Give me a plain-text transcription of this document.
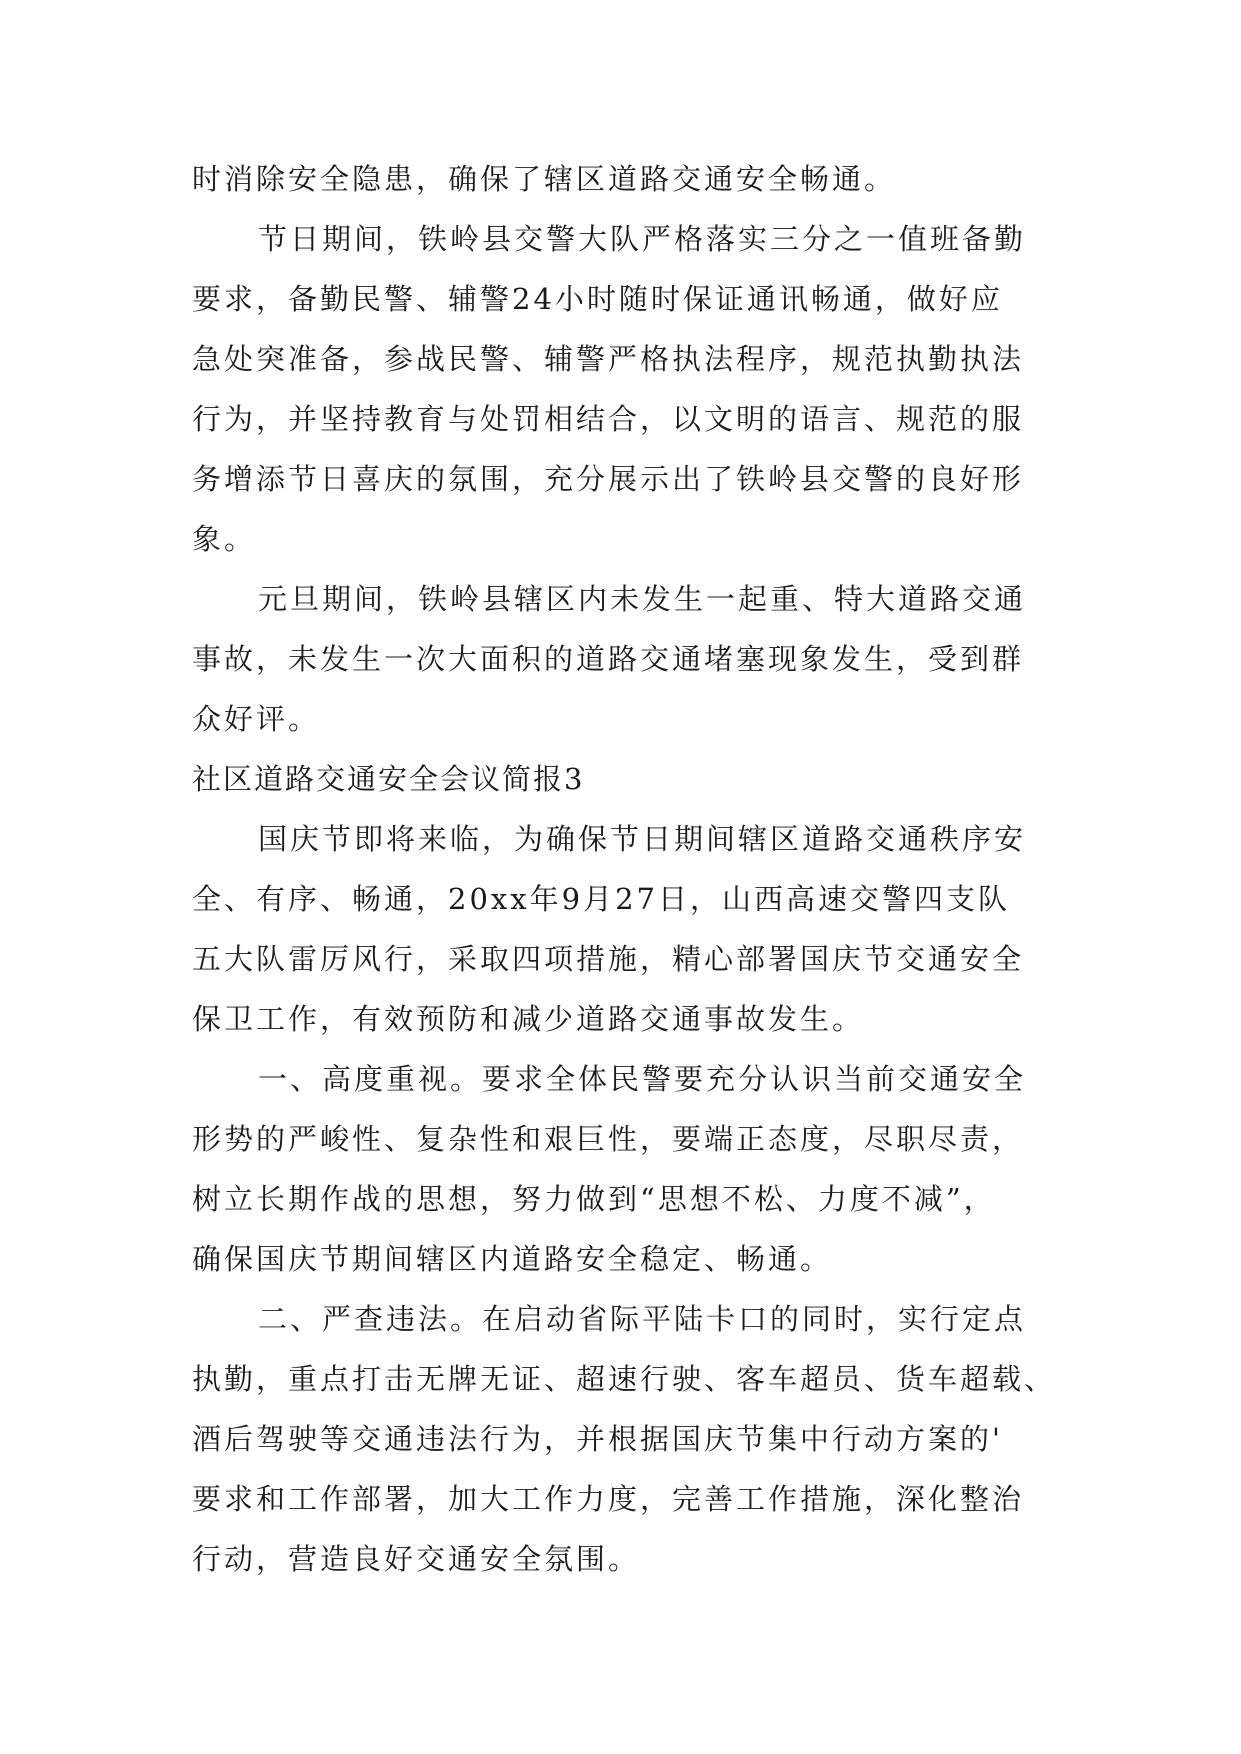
时消除安全隐患，确保了辖区道路交通安全畅通。
节日期间，铁岭县交警大队严格落实三分之一值班备勤
要求，备勤民警、辅警24小时随时保证通讯畅通，做好应
急处突准备，参战民警、辅警严格执法程序，规范执勤执法
行为，并坚持教育与处罚相结合，以文明的语言、规范的服
务增添节日喜庆的氛围，充分展示出了铁岭县交警的良好形
象。
元旦期间，铁岭县辖区内未发生一起重、特大道路交通
事故，未发生一次大面积的道路交通堵塞现象发生，受到群
众好评。
社区道路交通安全会议简报3
国庆节即将来临，为确保节日期间辖区道路交通秩序安
全、有序、畅通，20xx年9月27日，山西高速交警四支队
五大队雷厉风行，采取四项措施，精心部署国庆节交通安全
保卫工作，有效预防和减少道路交通事故发生。
一、高度重视。要求全体民警要充分认识当前交通安全
形势的严峻性、复杂性和艰巨性，要端正态度，尽职尽责，
树立长期作战的思想，努力做到“思想不松、力度不减”，
确保国庆节期间辖区内道路安全稳定、畅通。
二、严查违法。在启动省际平陆卡口的同时，实行定点
执勤，重点打击无牌无证、超速行驶、客车超员、货车超载、
酒后驾驶等交通违法行为，并根据国庆节集中行动方案的'
要求和工作部署，加大工作力度，完善工作措施，深化整治
行动，营造良好交通安全氛围。
